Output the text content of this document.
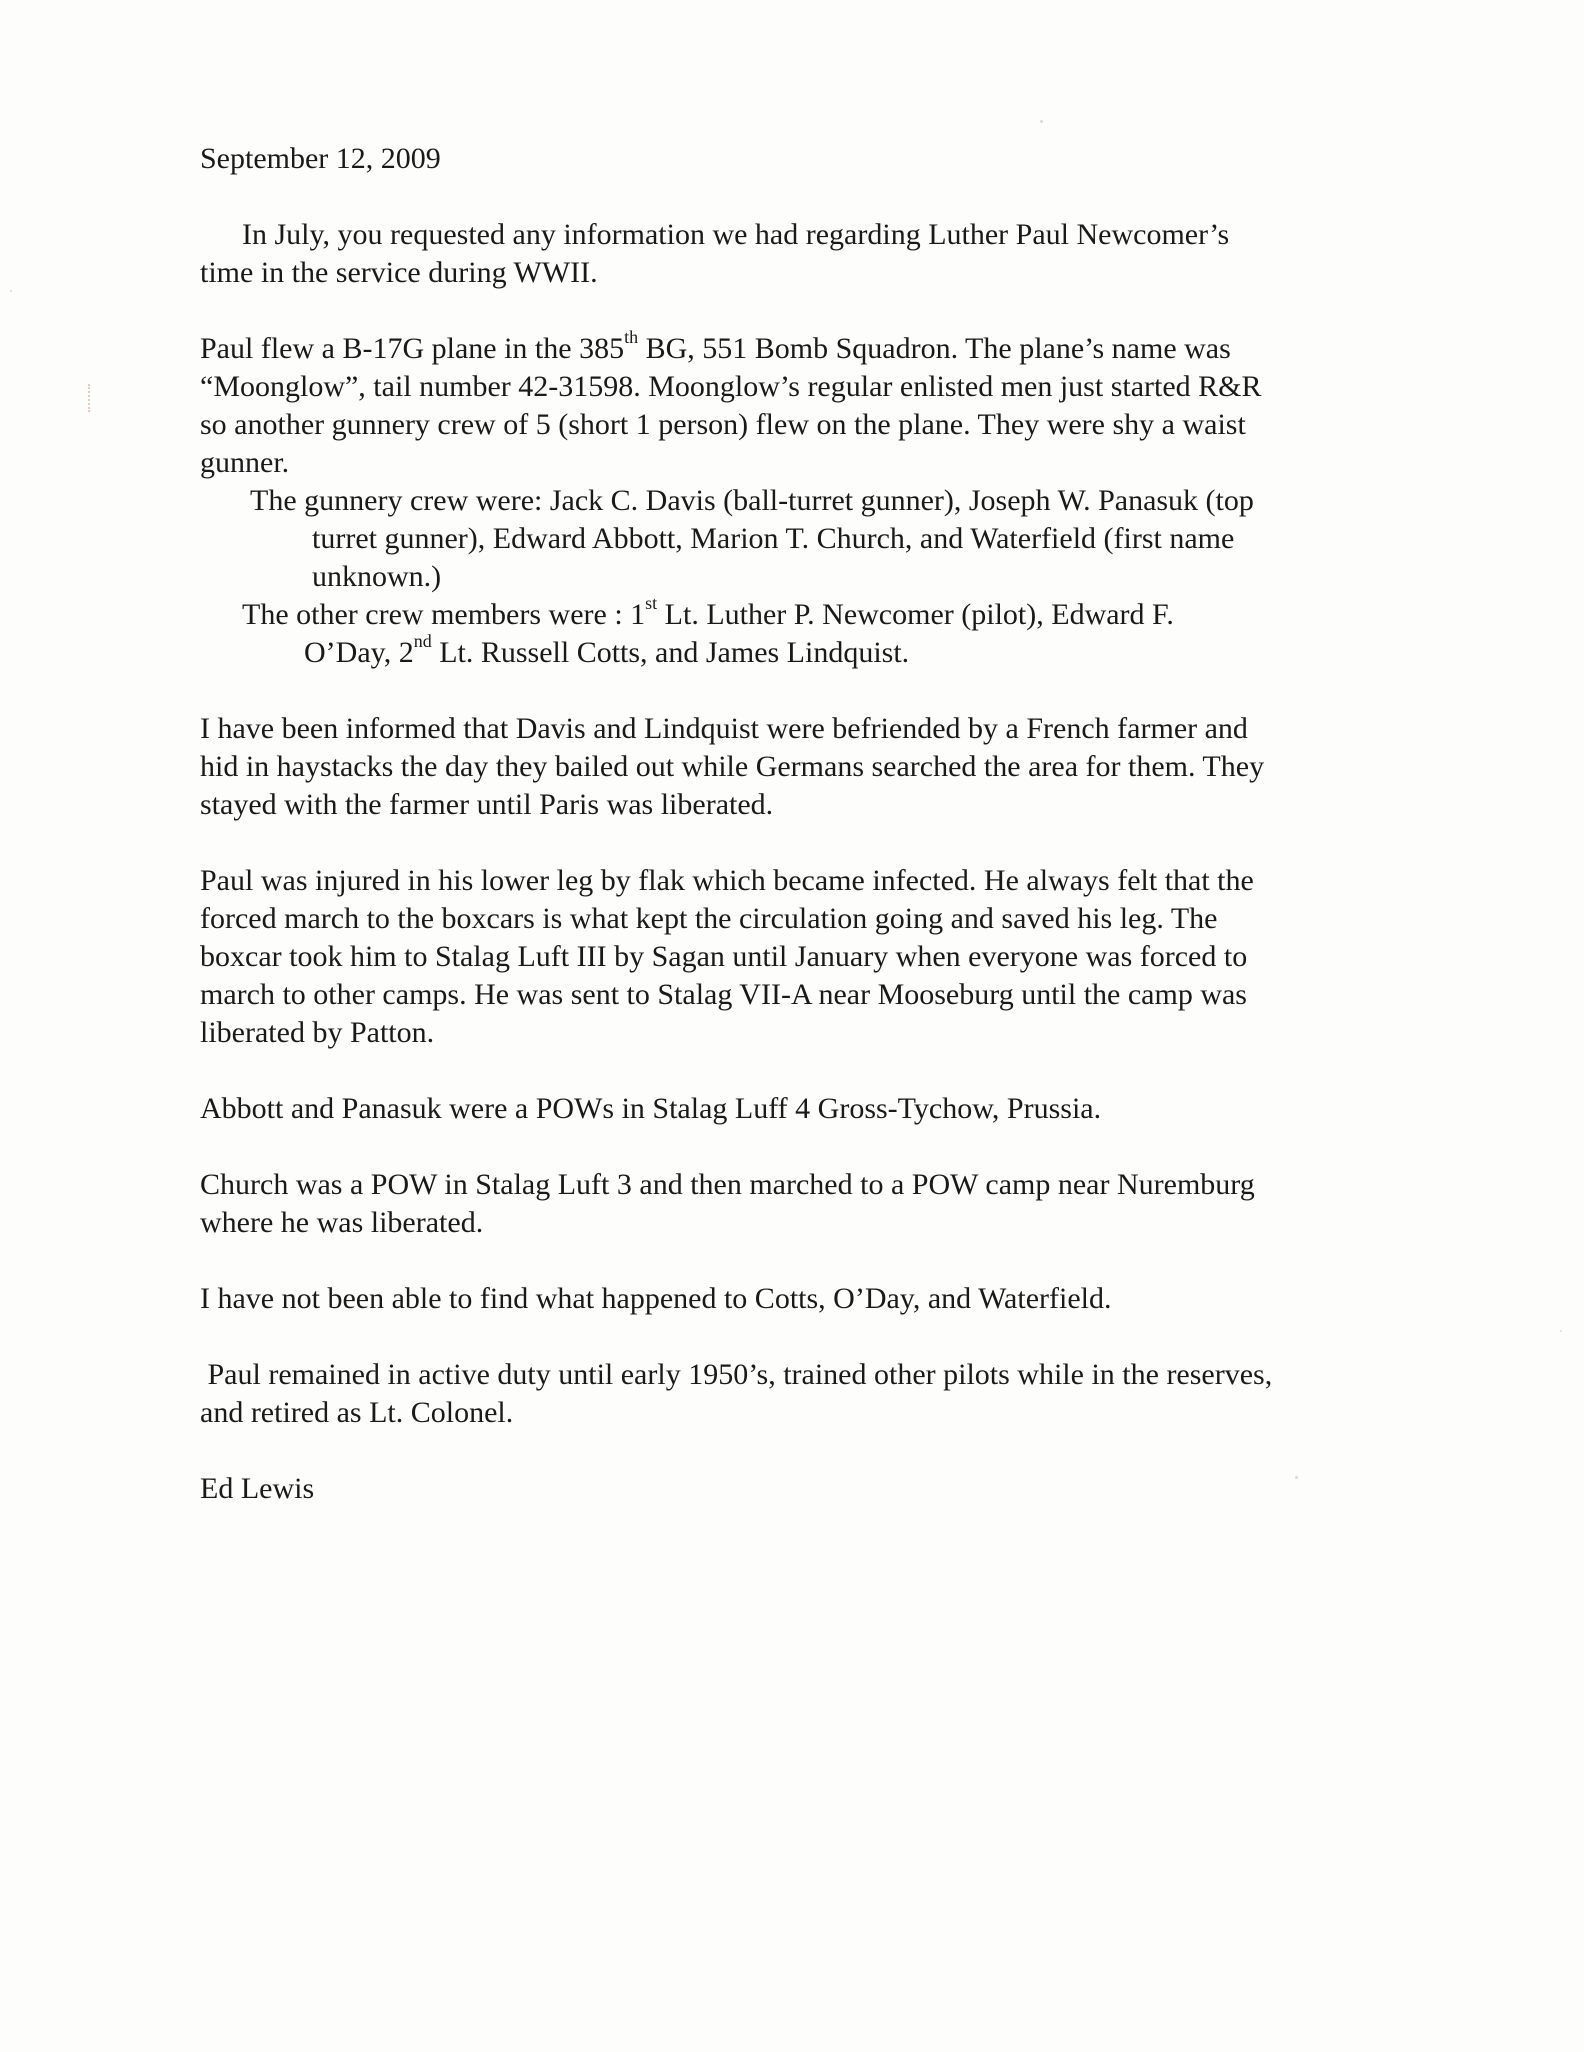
September 12, 2009

In July, you requested any information we had regarding Luther Paul Newcomer’s

time in the service during WWII.

Paul flew a B-17G plane in the 385th BG, 551 Bomb Squadron. The plane’s name was

“Moonglow”, tail number 42-31598. Moonglow’s regular enlisted men just started R&R

so another gunnery crew of 5 (short 1 person) flew on the plane. They were shy a waist

gunner.

The gunnery crew were: Jack C. Davis (ball-turret gunner), Joseph W. Panasuk (top

turret gunner), Edward Abbott, Marion T. Church, and Waterfield (first name

unknown.)

The other crew members were : 1st Lt. Luther P. Newcomer (pilot), Edward F.

O’Day, 2nd Lt. Russell Cotts, and James Lindquist.

I have been informed that Davis and Lindquist were befriended by a French farmer and

hid in haystacks the day they bailed out while Germans searched the area for them. They

stayed with the farmer until Paris was liberated.

Paul was injured in his lower leg by flak which became infected. He always felt that the

forced march to the boxcars is what kept the circulation going and saved his leg. The

boxcar took him to Stalag Luft III by Sagan until January when everyone was forced to

march to other camps. He was sent to Stalag VII-A near Mooseburg until the camp was

liberated by Patton.

Abbott and Panasuk were a POWs in Stalag Luff 4 Gross-Tychow, Prussia.

Church was a POW in Stalag Luft 3 and then marched to a POW camp near Nuremburg

where he was liberated.

I have not been able to find what happened to Cotts, O’Day, and Waterfield.

Paul remained in active duty until early 1950’s, trained other pilots while in the reserves,

and retired as Lt. Colonel.

Ed Lewis
